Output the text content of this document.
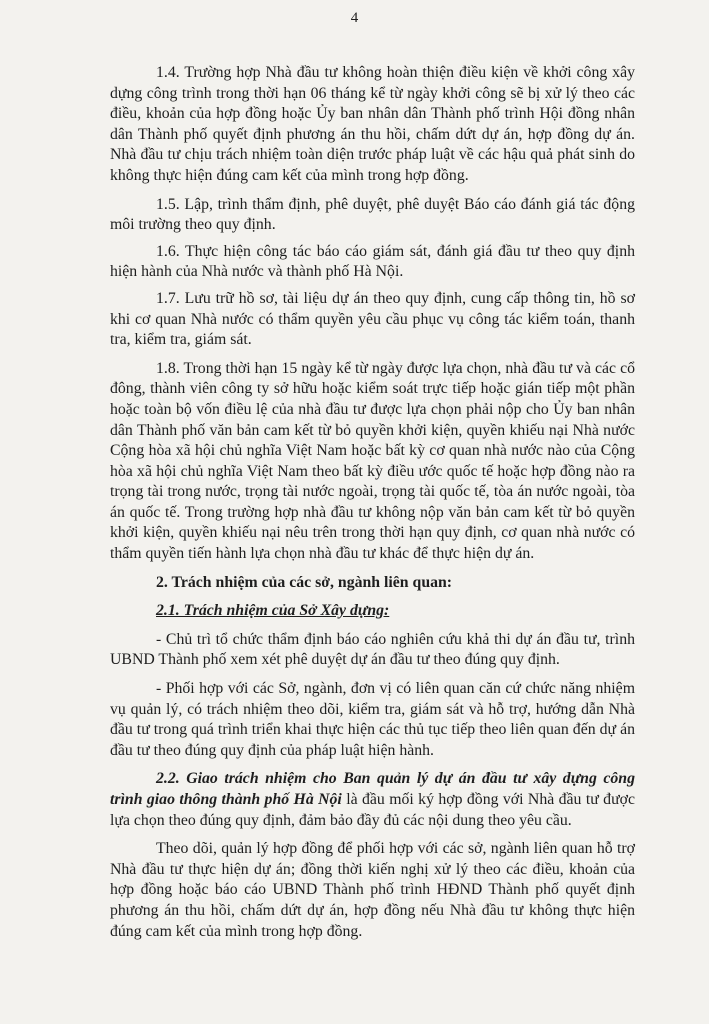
4

1.4. Trường hợp Nhà đầu tư không hoàn thiện điều kiện về khởi công xây dựng công trình trong thời hạn 06 tháng kể từ ngày khởi công sẽ bị xử lý theo các điều, khoản của hợp đồng hoặc Ủy ban nhân dân Thành phố trình Hội đồng nhân dân Thành phố quyết định phương án thu hồi, chấm dứt dự án, hợp đồng dự án. Nhà đầu tư chịu trách nhiệm toàn diện trước pháp luật về các hậu quả phát sinh do không thực hiện đúng cam kết của mình trong hợp đồng.

1.5. Lập, trình thẩm định, phê duyệt, phê duyệt Báo cáo đánh giá tác động môi trường theo quy định.

1.6. Thực hiện công tác báo cáo giám sát, đánh giá đầu tư theo quy định hiện hành của Nhà nước và thành phố Hà Nội.

1.7. Lưu trữ hồ sơ, tài liệu dự án theo quy định, cung cấp thông tin, hồ sơ khi cơ quan Nhà nước có thẩm quyền yêu cầu phục vụ công tác kiểm toán, thanh tra, kiểm tra, giám sát.

1.8. Trong thời hạn 15 ngày kể từ ngày được lựa chọn, nhà đầu tư và các cổ đông, thành viên công ty sở hữu hoặc kiểm soát trực tiếp hoặc gián tiếp một phần hoặc toàn bộ vốn điều lệ của nhà đầu tư được lựa chọn phải nộp cho Ủy ban nhân dân Thành phố văn bản cam kết từ bỏ quyền khởi kiện, quyền khiếu nại Nhà nước Cộng hòa xã hội chủ nghĩa Việt Nam hoặc bất kỳ cơ quan nhà nước nào của Cộng hòa xã hội chủ nghĩa Việt Nam theo bất kỳ điều ước quốc tế hoặc hợp đồng nào ra trọng tài trong nước, trọng tài nước ngoài, trọng tài quốc tế, tòa án nước ngoài, tòa án quốc tế. Trong trường hợp nhà đầu tư không nộp văn bản cam kết từ bỏ quyền khởi kiện, quyền khiếu nại nêu trên trong thời hạn quy định, cơ quan nhà nước có thẩm quyền tiến hành lựa chọn nhà đầu tư khác để thực hiện dự án.

2. Trách nhiệm của các sở, ngành liên quan:

2.1. Trách nhiệm của Sở Xây dựng:

- Chủ trì tổ chức thẩm định báo cáo nghiên cứu khả thi dự án đầu tư, trình UBND Thành phố xem xét phê duyệt dự án đầu tư theo đúng quy định.

- Phối hợp với các Sở, ngành, đơn vị có liên quan căn cứ chức năng nhiệm vụ quản lý, có trách nhiệm theo dõi, kiểm tra, giám sát và hỗ trợ, hướng dẫn Nhà đầu tư trong quá trình triển khai thực hiện các thủ tục tiếp theo liên quan đến dự án đầu tư theo đúng quy định của pháp luật hiện hành.

2.2. Giao trách nhiệm cho Ban quản lý dự án đầu tư xây dựng công trình giao thông thành phố Hà Nội là đầu mối ký hợp đồng với Nhà đầu tư được lựa chọn theo đúng quy định, đảm bảo đầy đủ các nội dung theo yêu cầu.

Theo dõi, quản lý hợp đồng để phối hợp với các sở, ngành liên quan hỗ trợ Nhà đầu tư thực hiện dự án; đồng thời kiến nghị xử lý theo các điều, khoản của hợp đồng hoặc báo cáo UBND Thành phố trình HĐND Thành phố quyết định phương án thu hồi, chấm dứt dự án, hợp đồng nếu Nhà đầu tư không thực hiện đúng cam kết của mình trong hợp đồng.
